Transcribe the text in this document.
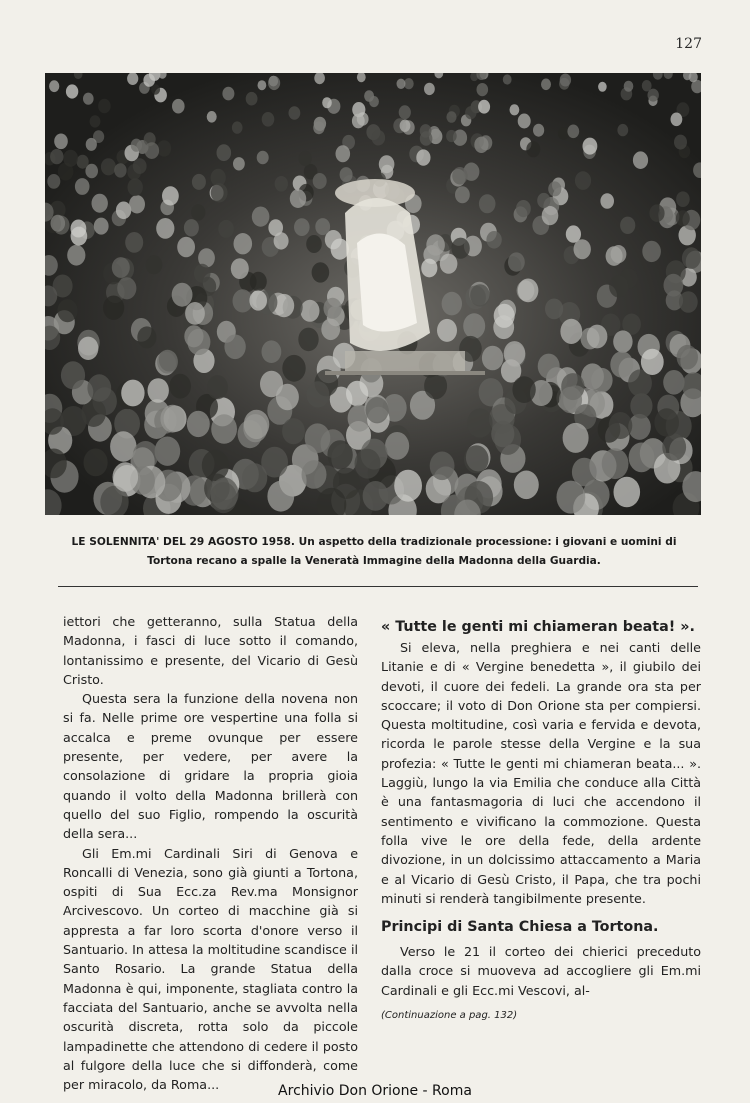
127
LE SOLENNITA' DEL 29 AGOSTO 1958. Un aspetto della tradizionale processione: i giovani e uomini di Tortona recano a spalle la Veneratà Immagine della Madonna della Guardia.

iettori che getteranno, sulla Statua della Madonna, i fasci di luce sotto il comando, lontanissimo e presente, del Vicario di Gesù Cristo.

Questa sera la funzione della novena non si fa. Nelle prime ore vespertine una folla si accalca e preme ovunque per essere presente, per vedere, per avere la consolazione di gridare la propria gioia quando il volto della Madonna brillerà con quello del suo Figlio, rompendo la oscurità della sera...

Gli Em.mi Cardinali Siri di Genova e Roncalli di Venezia, sono già giunti a Tortona, ospiti di Sua Ecc.za Rev.ma Monsignor Arcivescovo. Un corteo di macchine già si appresta a far loro scorta d'onore verso il Santuario. In attesa la moltitudine scandisce il Santo Rosario. La grande Statua della Madonna è qui, imponente, stagliata contro la facciata del Santuario, anche se avvolta nella oscurità discreta, rotta solo da piccole lampadinette che attendono di cedere il posto al fulgore della luce che si diffonderà, come per miracolo, da Roma...

« Tutte le genti mi chiameran beata! ».

Si eleva, nella preghiera e nei canti delle Litanie e di « Vergine benedetta », il giubilo dei devoti, il cuore dei fedeli. La grande ora sta per scoccare; il voto di Don Orione sta per compiersi. Questa moltitudine, così varia e fervida e devota, ricorda le parole stesse della Vergine e la sua profezia: « Tutte le genti mi chiameran beata... ». Laggiù, lungo la via Emilia che conduce alla Città è una fantasmagoria di luci che accendono il sentimento e vivificano la commozione. Questa folla vive le ore della fede, della ardente divozione, in un dolcissimo attaccamento a Maria e al Vicario di Gesù Cristo, il Papa, che tra pochi minuti si renderà tangibilmente presente.

Principi di Santa Chiesa a Tortona.

Verso le 21 il corteo dei chierici preceduto dalla croce si muoveva ad accogliere gli Em.mi Cardinali e gli Ecc.mi Vescovi, al-

(Continuazione a pag. 132)
Archivio Don Orione - Roma
